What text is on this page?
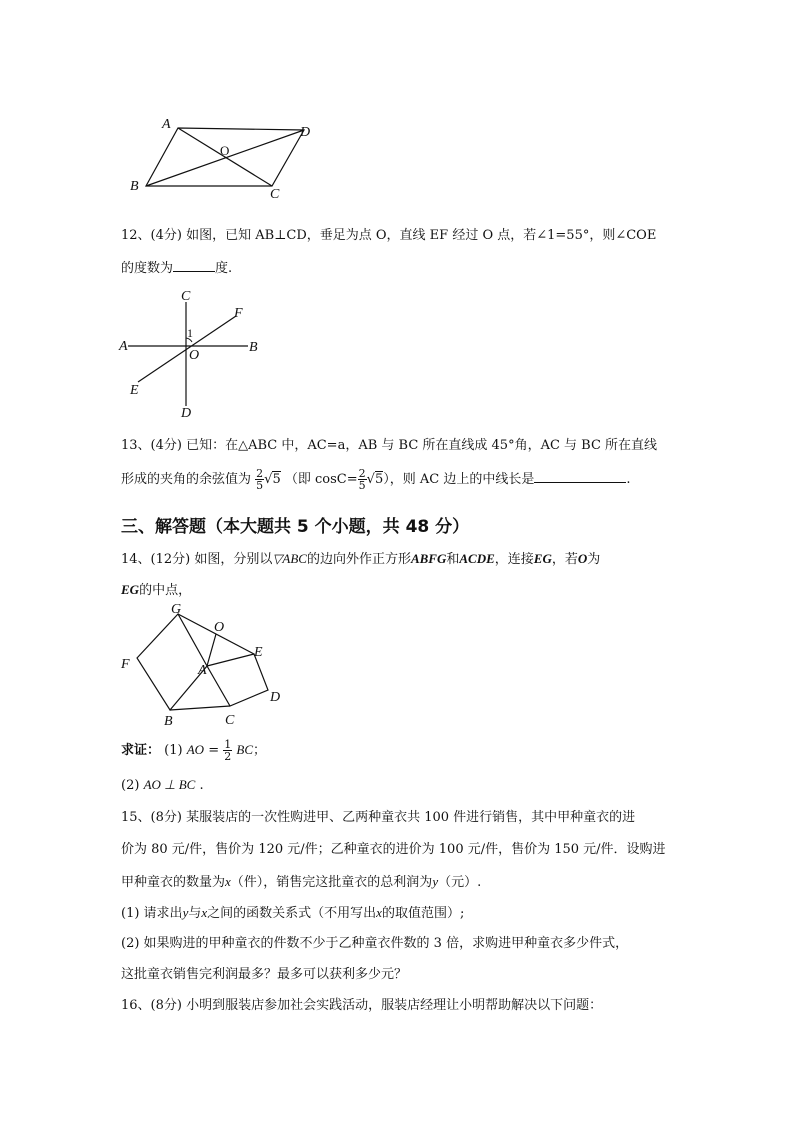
A
D
O
B
C
12、(4分) 如图，已知 AB⊥CD，垂足为点 O，直线 EF 经过 O 点，若∠1=55°，则∠COE
的度数为	度.
C
F
1
A
O
B
E
D
13、(4分) 已知：在△ABC 中，AC=a，AB 与 BC 所在直线成 45°角，AC 与 BC 所在直线
形成的夹角的余弦值为 $\frac{2}{5} √5$ （即 $\cos C= \frac{2}{5} √5$），则 AC 边上的中线长是	.
三、解答题（本大题共 5 个小题，共 48 分）
14、(12分) 如图，分别以▽ABC的边向外作正方形ABFG和ACDE，连接EG，若O为
EG的中点，
G
O
E
F	A
D
B	C
求证： (1) AO = $\frac{1}{2}$ BC；
(2) AO ⊥ BC .
15、(8分) 某服装店的一次性购进甲、乙两种童衣共 100 件进行销售，其中甲种童衣的进
价为 80 元/件，售价为 120 元/件；乙种童衣的进价为 100 元/件，售价为 150 元/件．设购进
甲种童衣的数量为x（件），销售完这批童衣的总利润为y（元）.
(1) 请求出y与x之间的函数关系式（不用写出x的取值范围）;
(2) 如果购进的甲种童衣的件数不少于乙种童衣件数的 3 倍，求购进甲种童衣多少件式，
这批童衣销售完利润最多？最多可以获利多少元？
16、(8分) 小明到服装店参加社会实践活动，服装店经理让小明帮助解决以下问题：
